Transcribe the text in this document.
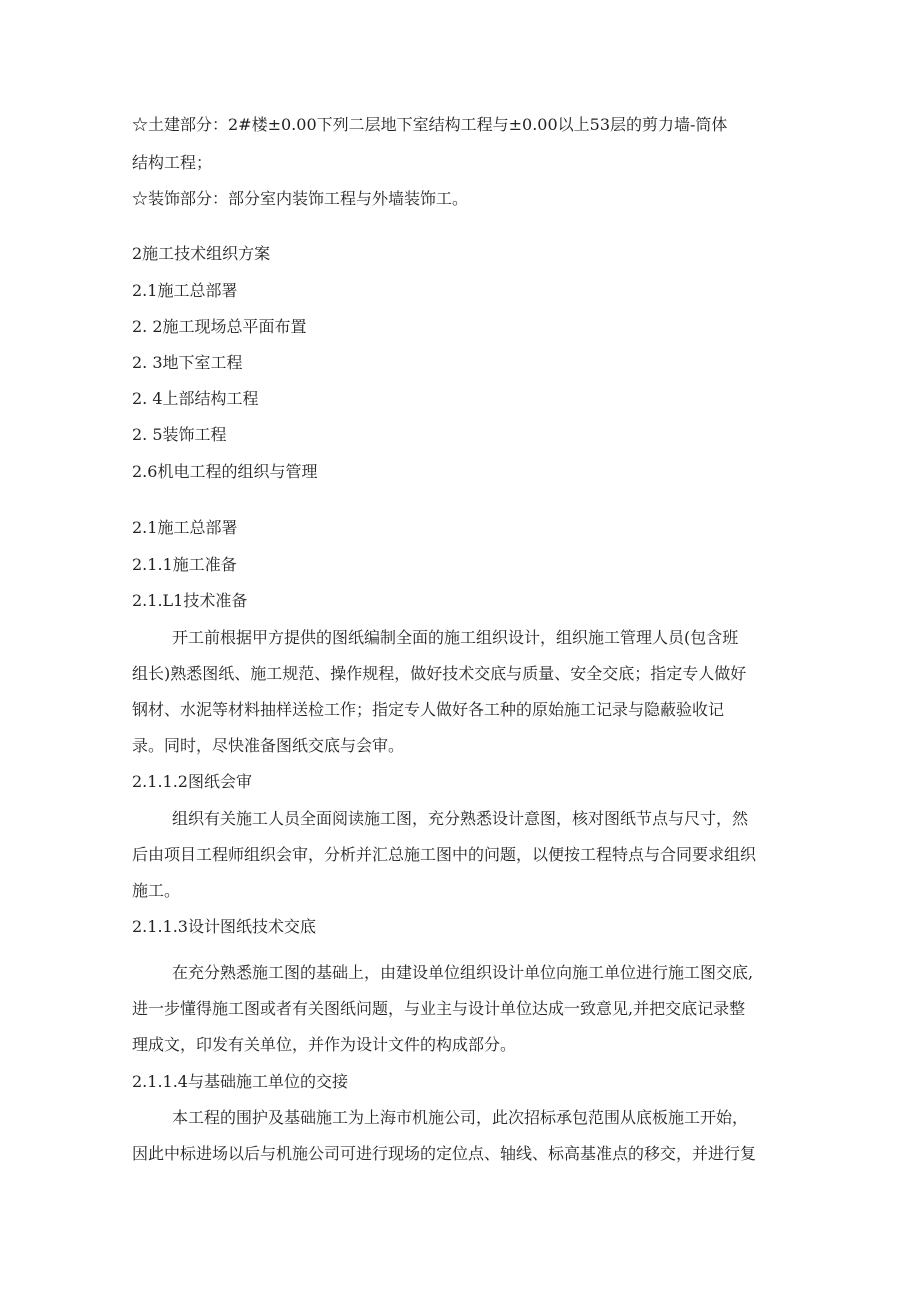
☆土建部分：2#楼±0.00下列二层地下室结构工程与±0.00以上53层的剪力墙-筒体
结构工程；
☆装饰部分：部分室内装饰工程与外墙装饰工。
2施工技术组织方案
2.1施工总部署
2. 2施工现场总平面布置
2. 3地下室工程
2. 4上部结构工程
2. 5装饰工程
2.6机电工程的组织与管理
2.1施工总部署
2.1.1施工准备
2.1.L1技术准备
开工前根据甲方提供的图纸编制全面的施工组织设计，组织施工管理人员(包含班
组长)熟悉图纸、施工规范、操作规程，做好技术交底与质量、安全交底；指定专人做好
钢材、水泥等材料抽样送检工作；指定专人做好各工种的原始施工记录与隐蔽验收记
录。同时，尽快准备图纸交底与会审。
2.1.1.2图纸会审
组织有关施工人员全面阅读施工图，充分熟悉设计意图，核对图纸节点与尺寸，然
后由项目工程师组织会审，分析并汇总施工图中的问题，以便按工程特点与合同要求组织
施工。
2.1.1.3设计图纸技术交底
在充分熟悉施工图的基础上，由建设单位组织设计单位向施工单位进行施工图交底,
进一步懂得施工图或者有关图纸问题，与业主与设计单位达成一致意见,并把交底记录整
理成文，印发有关单位，并作为设计文件的构成部分。
2.1.1.4与基础施工单位的交接
本工程的围护及基础施工为上海市机施公司，此次招标承包范围从底板施工开始，
因此中标进场以后与机施公司可进行现场的定位点、轴线、标高基准点的移交，并进行复
